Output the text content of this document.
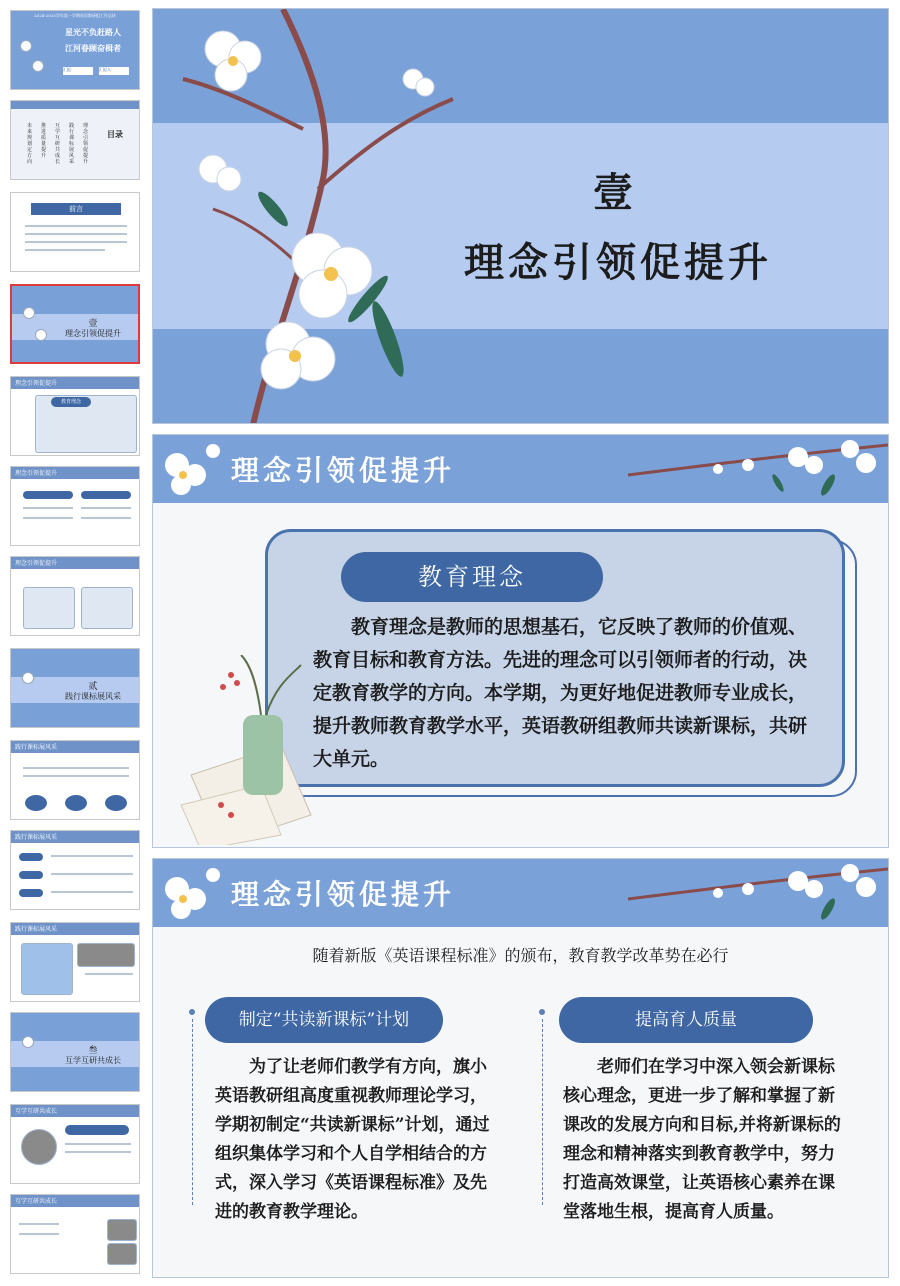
2024-2025学年第一学期英语教研组工作总结
星光不负赶路人
江河眷顾奋楫者
汇报：	汇报人：
目录
理念引领促提升
践行课标展风采
互学互研共成长
推进质量提升
未来规划定方向
前言
壹
理念引领促提升
理念引领促提升
教育理念
理念引领促提升
理念引领促提升
贰
践行课标展风采
践行课标展风采
践行课标展风采
践行课标展风采
叁
互学互研共成长
互学互研共成长
互学互研共成长
壹
理念引领促提升
理念引领促提升
教育理念
教育理念是教师的思想基石，它反映了教师的价值观、教育目标和教育方法。先进的理念可以引领师者的行动，决定教育教学的方向。本学期，为更好地促进教师专业成长，提升教师教育教学水平，英语教研组教师共读新课标，共研大单元。
理念引领促提升
随着新版《英语课程标准》的颁布，教育教学改革势在必行
制定“共读新课标”计划	提高育人质量
为了让老师们教学有方向，旗小英语教研组高度重视教师理论学习，学期初制定“共读新课标”计划，通过组织集体学习和个人自学相结合的方式，深入学习《英语课程标准》及先进的教育教学理论。
老师们在学习中深入领会新课标核心理念，更进一步了解和掌握了新课改的发展方向和目标,并将新课标的理念和精神落实到教育教学中，努力打造高效课堂，让英语核心素养在课堂落地生根，提高育人质量。
